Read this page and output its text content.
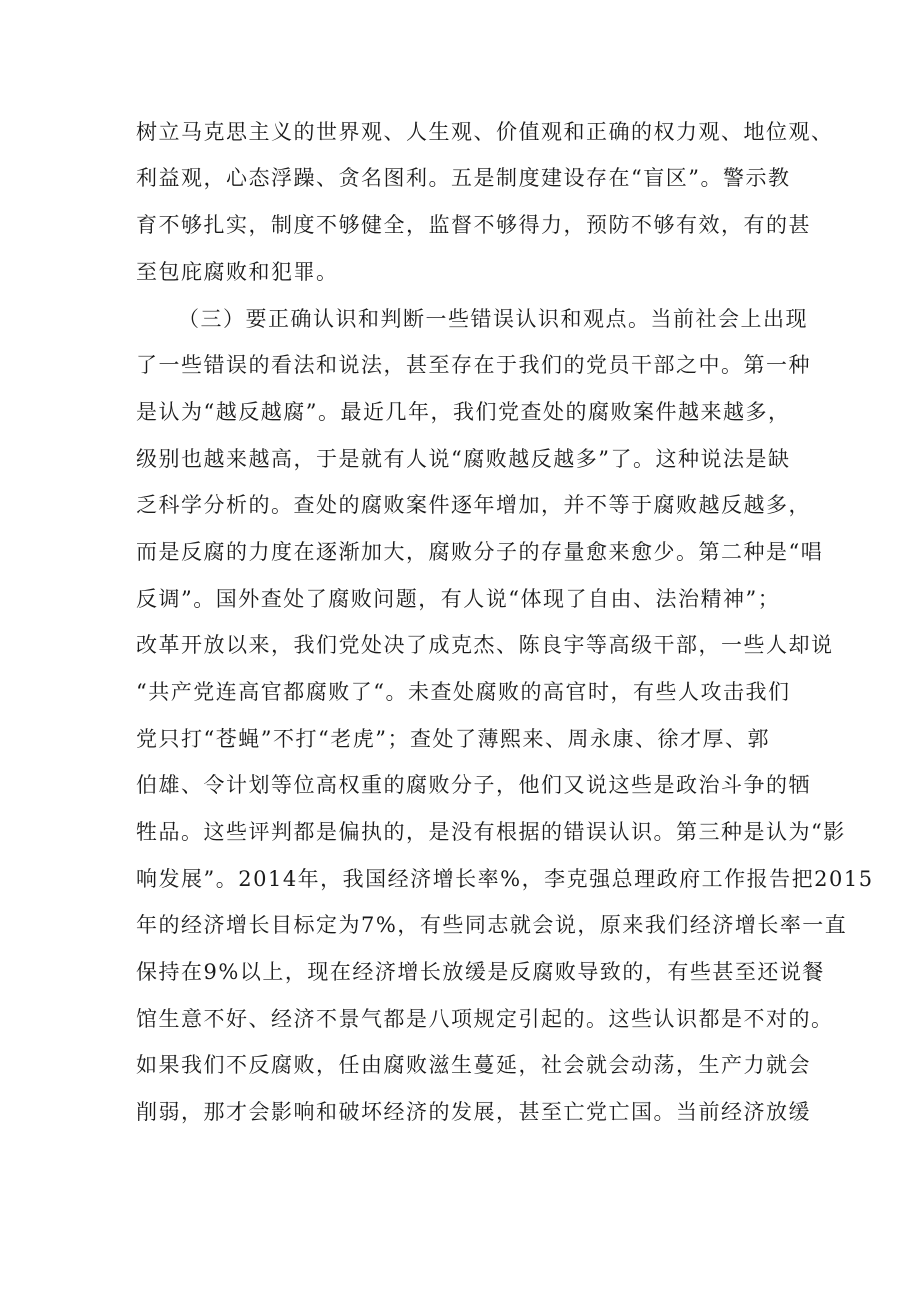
树立马克思主义的世界观、人生观、价值观和正确的权力观、地位观、
利益观，心态浮躁、贪名图利。五是制度建设存在“盲区”。警示教
育不够扎实，制度不够健全，监督不够得力，预防不够有效，有的甚
至包庇腐败和犯罪。
（三）要正确认识和判断一些错误认识和观点。当前社会上出现
了一些错误的看法和说法，甚至存在于我们的党员干部之中。第一种
是认为“越反越腐”。最近几年，我们党查处的腐败案件越来越多，
级别也越来越高，于是就有人说“腐败越反越多”了。这种说法是缺
乏科学分析的。查处的腐败案件逐年增加，并不等于腐败越反越多，
而是反腐的力度在逐渐加大，腐败分子的存量愈来愈少。第二种是“唱
反调”。国外查处了腐败问题，有人说“体现了自由、法治精神”；
改革开放以来，我们党处决了成克杰、陈良宇等高级干部，一些人却说
“共产党连高官都腐败了“。未查处腐败的高官时，有些人攻击我们
党只打“苍蝇”不打“老虎”；查处了薄熙来、周永康、徐才厚、郭
伯雄、令计划等位高权重的腐败分子，他们又说这些是政治斗争的牺
牲品。这些评判都是偏执的，是没有根据的错误认识。第三种是认为“影
响发展”。2014年，我国经济增长率%，李克强总理政府工作报告把2015
年的经济增长目标定为7%，有些同志就会说，原来我们经济增长率一直
保持在9%以上，现在经济增长放缓是反腐败导致的，有些甚至还说餐
馆生意不好、经济不景气都是八项规定引起的。这些认识都是不对的。
如果我们不反腐败，任由腐败滋生蔓延，社会就会动荡，生产力就会
削弱，那才会影响和破坏经济的发展，甚至亡党亡国。当前经济放缓
